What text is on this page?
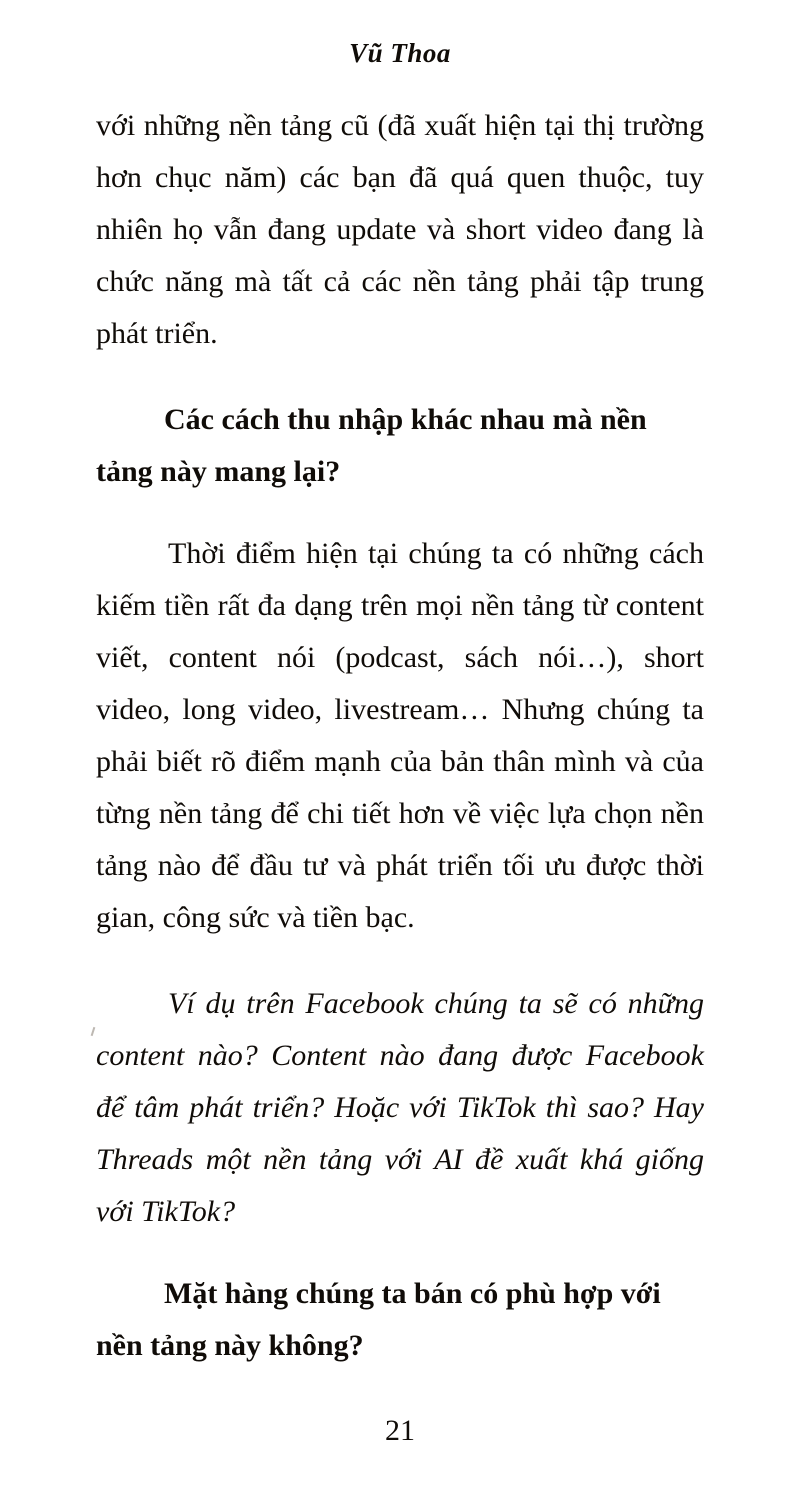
Vũ Thoa

với những nền tảng cũ (đã xuất hiện tại thị trường hơn chục năm) các bạn đã quá quen thuộc, tuy nhiên họ vẫn đang update và short video đang là chức năng mà tất cả các nền tảng phải tập trung phát triển.

Các cách thu nhập khác nhau mà nền tảng này mang lại?

Thời điểm hiện tại chúng ta có những cách kiếm tiền rất đa dạng trên mọi nền tảng từ content viết, content nói (podcast, sách nói…), short video, long video, livestream… Nhưng chúng ta phải biết rõ điểm mạnh của bản thân mình và của từng nền tảng để chi tiết hơn về việc lựa chọn nền tảng nào để đầu tư và phát triển tối ưu được thời gian, công sức và tiền bạc.

Ví dụ trên Facebook chúng ta sẽ có những content nào? Content nào đang được Facebook để tâm phát triển? Hoặc với TikTok thì sao? Hay Threads một nền tảng với AI đề xuất khá giống với TikTok?

Mặt hàng chúng ta bán có phù hợp với nền tảng này không?

21
